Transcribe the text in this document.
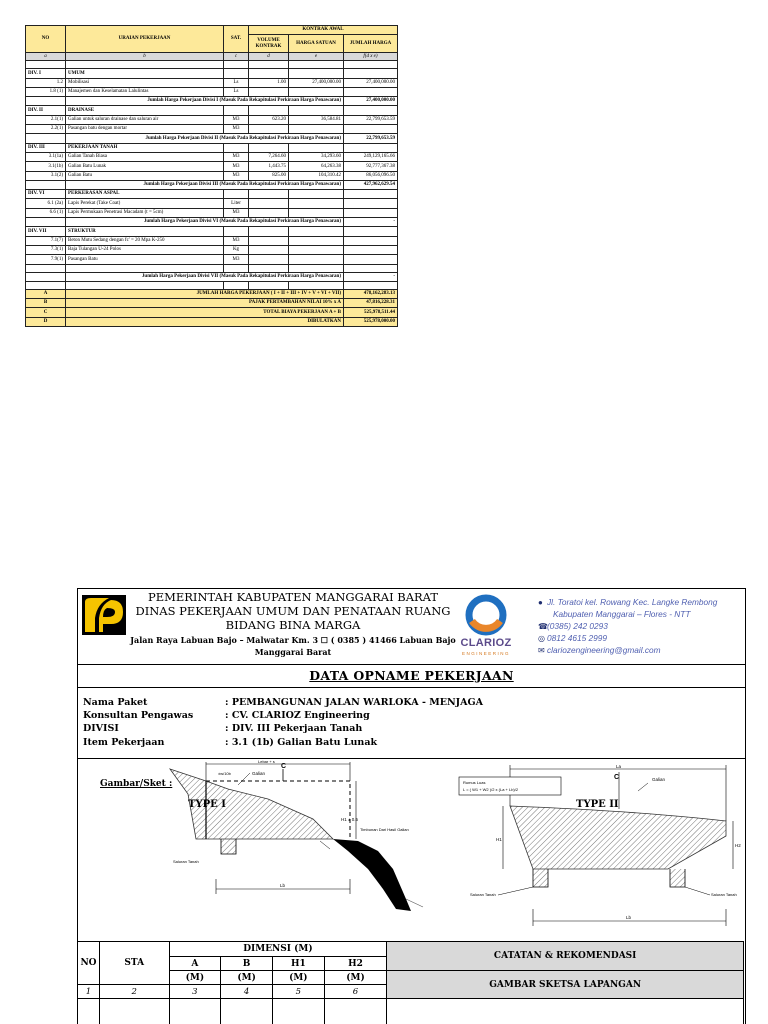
NO	URAIAN PEKERJAAN	SAT.	KONTRAK AWAL		
			VOLUME KONTRAK	HARGA SATUAN	JUMLAH HARGA
a	b	c	d	e	f(d x e)

DIV. I	UMUM				
1.2	Mobilisasi	Ls	1.00	27,400,000.00	27,400,000.00
1.8 (1)	Manajemen dan Keselamatan Lalulintas	Ls			
	Jumlah Harga Pekerjaan Divisi I (Masuk Pada Rekapitulasi Perkiraan Harga Penawaran)				27,400,000.00
DIV. II	DRAINASE				
2.1(1)	Galian untuk saluran drainase dan saluran air	M3	623.20	36,584.81	22,799,653.59
2.2(1)	Pasangan batu dengan mortar	M3			
	Jumlah Harga Pekerjaan Divisi II (Masuk Pada Rekapitulasi Perkiraan Harga Penawaran)				22,799,653.59
DIV. III	PEKERJAAN TANAH				
3.1(1a)	Galian Tanah Biasa	M3	7,264.60	34,293.60	249,129,165.66
3.1(1b)	Galian Batu Lunak	M3	1,443.75	64,263.38	92,777,367.38
3.1(2)	Galian Batu	M3	825.00	104,310.42	86,056,096.50
	Jumlah Harga Pekerjaan Divisi III (Masuk Pada Rekapitulasi Perkiraan Harga Penawaran)				427,962,629.54
DIV. VI	PERKERASAN ASPAL				
6.1 (2a)	Lapis Perekat (Take Coat)	Liter			
6.6 (1)	Lapis Permukaan Penetrasi Macadam (t = 5cm)	M3			
	Jumlah Harga Pekerjaan Divisi VI (Masuk Pada Rekapitulasi Perkiraan Harga Penawaran)				-
DIV. VII	STRUKTUR				
7.1(7)	Beton Mutu Sedang dengan fc' = 20 Mpa K-250	M3			
7.3(1)	Baja Tulangan U-24 Polos	Kg			
7.9(1)	Pasangan Batu	M3			

	Jumlah Harga Pekerjaan Divisi VII (Masuk Pada Rekapitulasi Perkiraan Harga Penawaran)				-

A	JUMLAH HARGA PEKERJAAN ( I + II + III + IV + V + VI + VII)				478,162,283.13
B	PAJAK PERTAMBAHAN NILAI 10% x A				47,816,228.31
C	TOTAL BIAYA PEKERJAAN A + B				525,978,511.44
D	DIBULATKAN				525,978,000.00
PEMERINTAH KABUPATEN MANGGARAI BARAT
DINAS PEKERJAAN UMUM DAN PENATAAN RUANG
BIDANG BINA MARGA
Jalan Raya Labuan Bajo – Malwatar Km. 3 ☐ ( 0385 ) 41466 Labuan Bajo
Manggarai Barat
CLARIOZ
ENGINEERING
● Jl. Toratoi kel. Rowang Kec. Langke Rembong
Kabupaten Manggarai – Flores - NTT
☎(0385) 242 0293
◎ 0812 4615 2999
✉ clariozengineering@gmail.com
DATA OPNAME PEKERJAAN
Nama Paket	: PEMBANGUNAN JALAN WARLOKA - MENJAGA
Konsultan Pengawas	: CV. CLARIOZ Engineering
DIVISI	: DIV. III Pekerjaan Tanah
Item Pekerjaan	: 3.1 (1b) Galian Batu Lunak
Lebar + s
C
Galian
±w/10b
H1 ± 0.5
Saluran Tanah
Timbunan Dari Hasil Galian
Lb
Rumus Luas
L = ( W1 + W2 )/2 x (La + Lb)/2
La
C	Galian
H1
H2
Lb
Saluran Tanah	Saluran Tanah
Gambar/Sket :
TYPE I	TYPE II
NO	STA	DIMENSI (M)				CATATAN & REKOMENDASI
		A	B	H1	H2	
		(M)	(M)	(M)	(M)	GAMBAR SKETSA LAPANGAN
1	2	3	4	5	6	
